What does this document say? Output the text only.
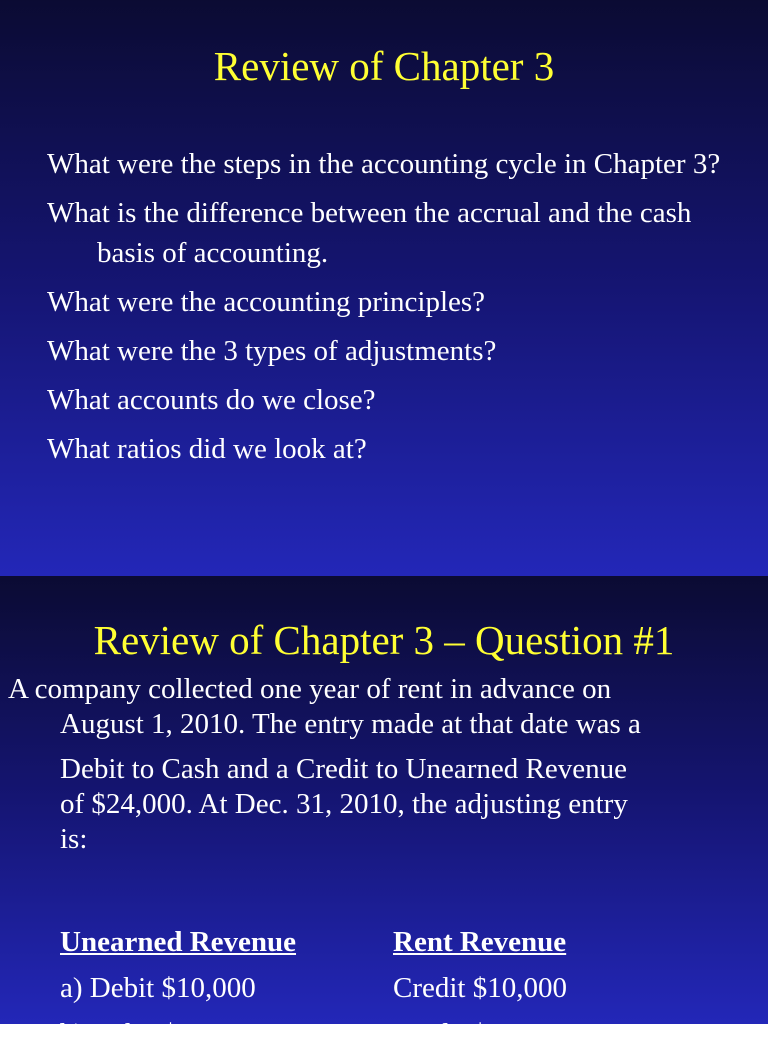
Review of Chapter 3
What were the steps in the accounting cycle in Chapter 3?
What is the difference between the accrual and the cash basis of accounting.
What were the accounting principles?
What were the 3 types of adjustments?
What accounts do we close?
What ratios did we look at?
Review of Chapter 3 – Question #1
A company collected one year of rent in advance on
August 1, 2010. The entry made at that date was a
Debit to Cash and a Credit to Unearned Revenue
of $24,000. At Dec. 31, 2010, the adjusting entry
is:
Unearned Revenue	Rent Revenue
a) Debit $10,000	Credit $10,000
b) Debit $14,000	Credit $14,000
